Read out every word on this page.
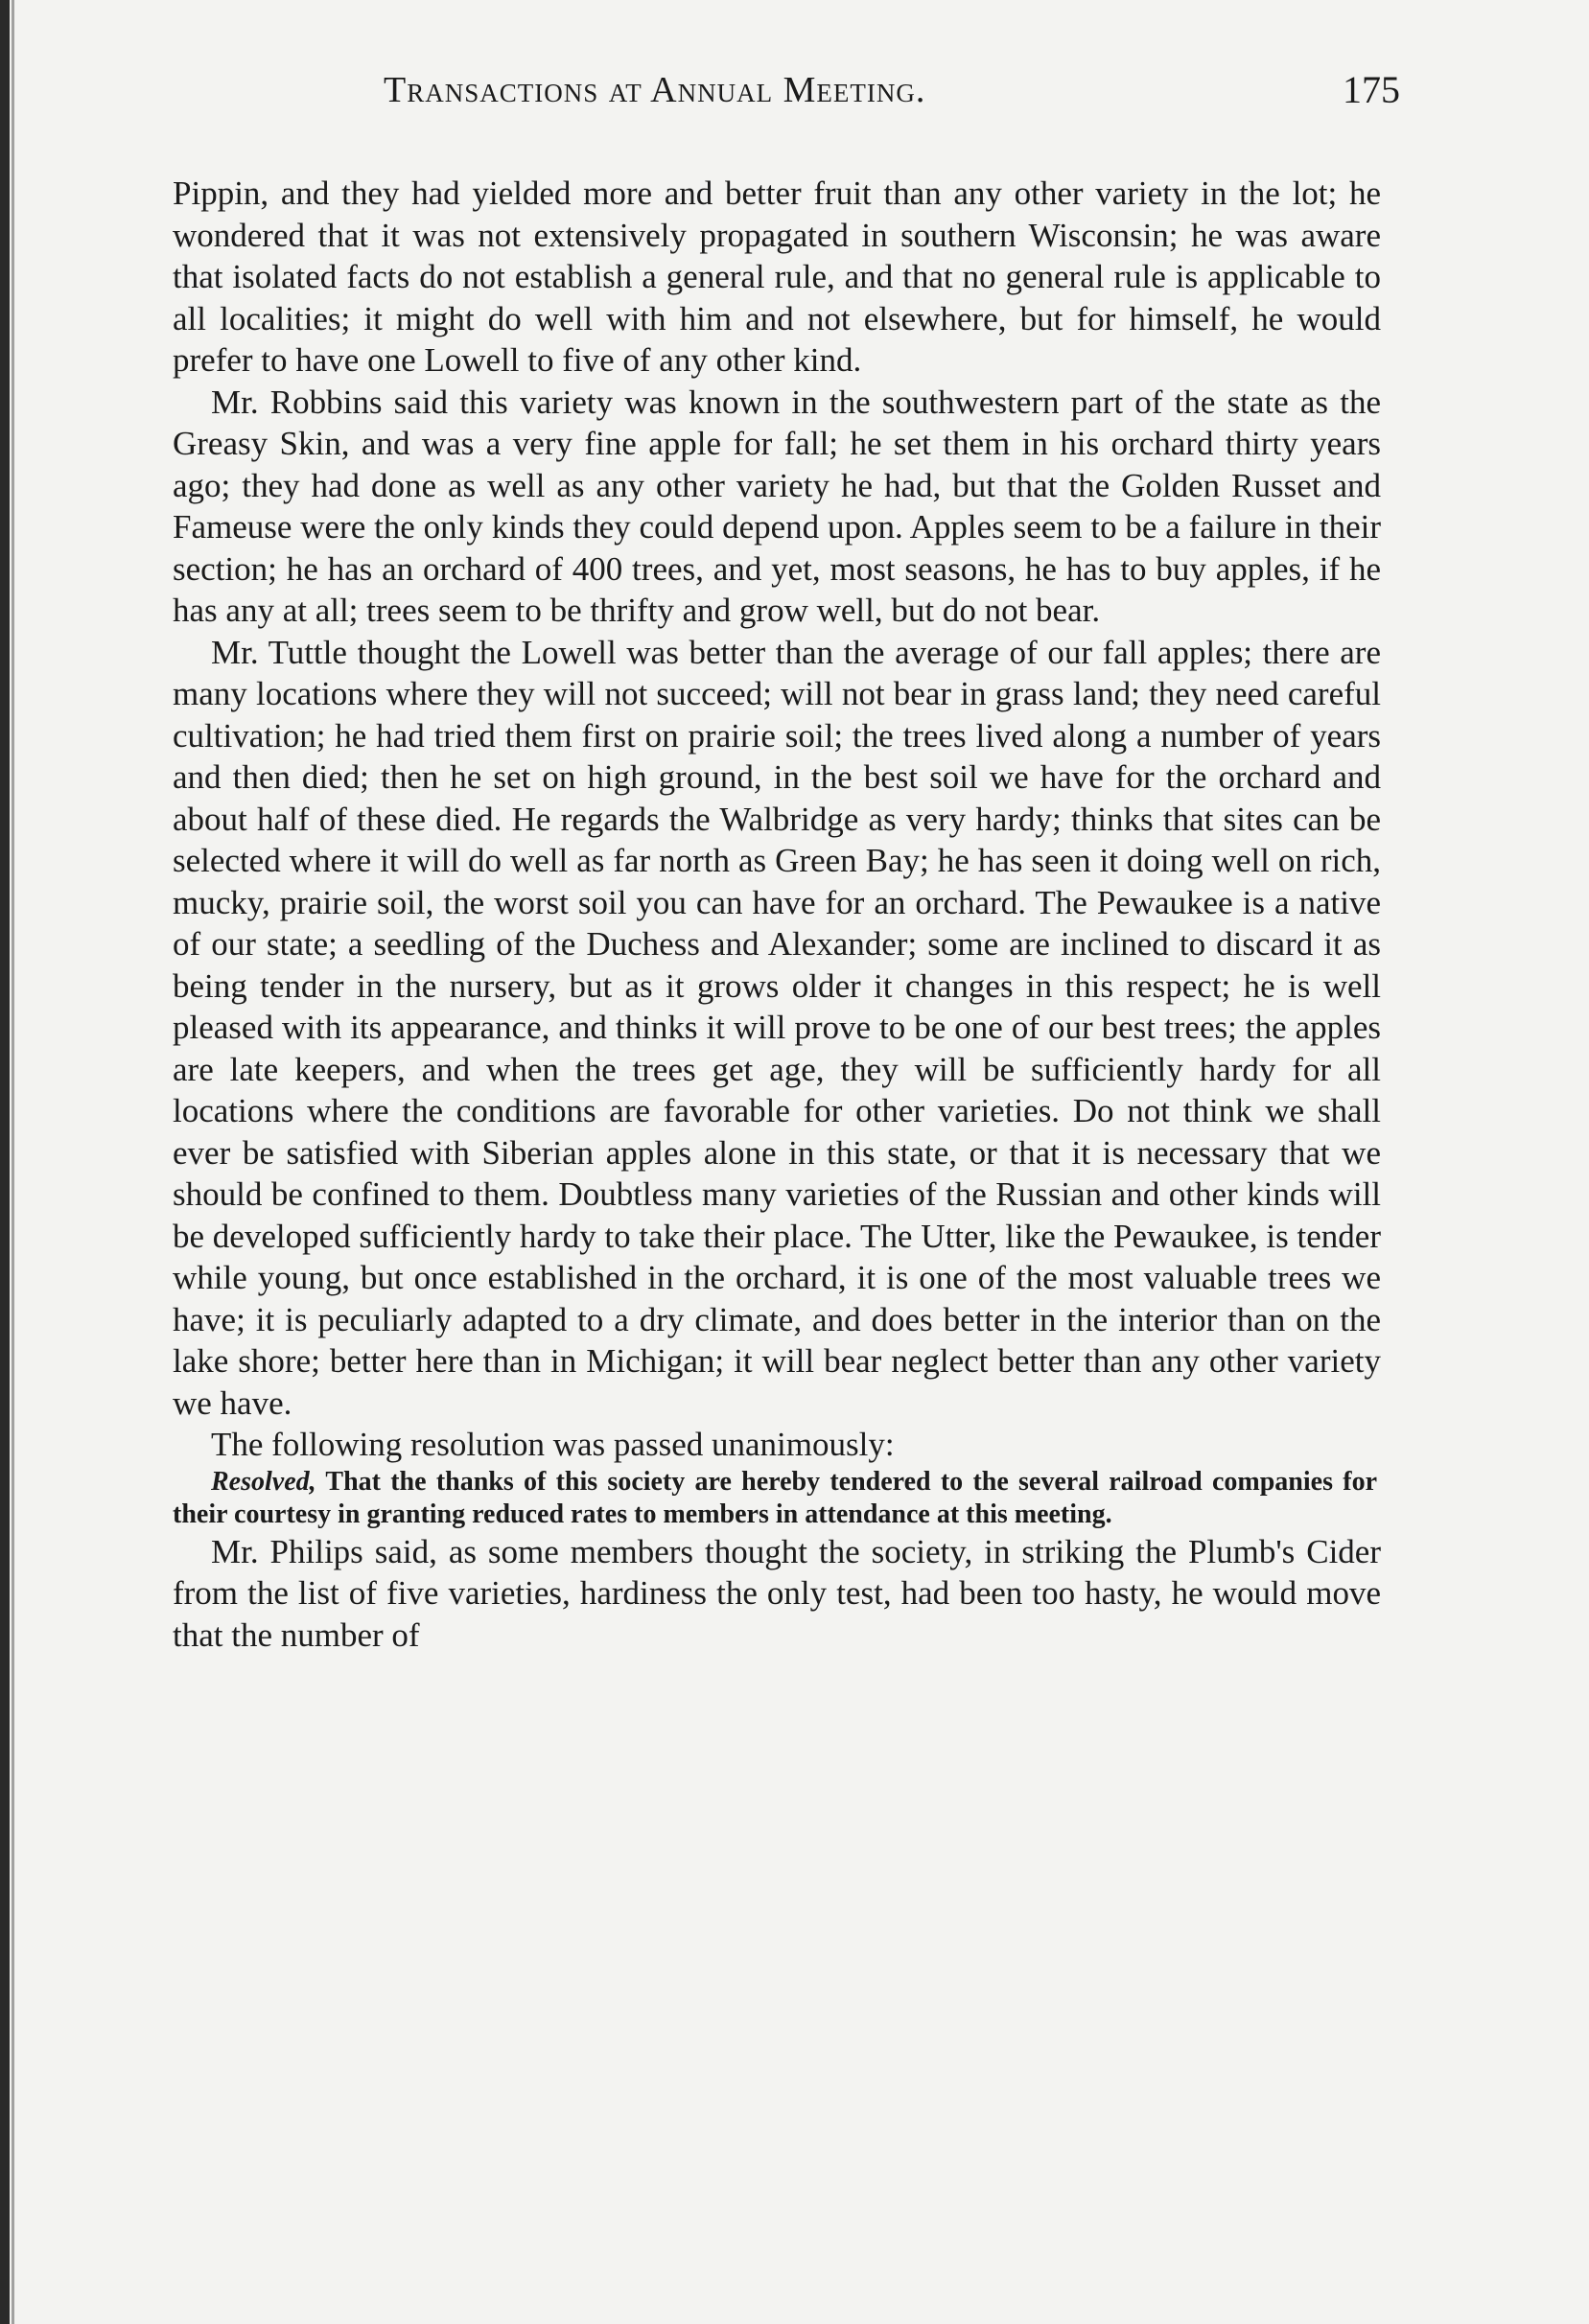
Transactions at Annual Meeting.	175

Pippin, and they had yielded more and better fruit than any other variety in the lot; he wondered that it was not extensively propagated in southern Wisconsin; he was aware that isolated facts do not establish a general rule, and that no general rule is applicable to all localities; it might do well with him and not elsewhere, but for himself, he would prefer to have one Lowell to five of any other kind.

Mr. Robbins said this variety was known in the southwestern part of the state as the Greasy Skin, and was a very fine apple for fall; he set them in his orchard thirty years ago; they had done as well as any other variety he had, but that the Golden Russet and Fameuse were the only kinds they could depend upon. Apples seem to be a failure in their section; he has an orchard of 400 trees, and yet, most seasons, he has to buy apples, if he has any at all; trees seem to be thrifty and grow well, but do not bear.

Mr. Tuttle thought the Lowell was better than the average of our fall apples; there are many locations where they will not succeed; will not bear in grass land; they need careful cultivation; he had tried them first on prairie soil; the trees lived along a number of years and then died; then he set on high ground, in the best soil we have for the orchard and about half of these died. He regards the Walbridge as very hardy; thinks that sites can be selected where it will do well as far north as Green Bay; he has seen it doing well on rich, mucky, prairie soil, the worst soil you can have for an orchard. The Pewaukee is a native of our state; a seedling of the Duchess and Alexander; some are inclined to discard it as being tender in the nursery, but as it grows older it changes in this respect; he is well pleased with its appearance, and thinks it will prove to be one of our best trees; the apples are late keepers, and when the trees get age, they will be sufficiently hardy for all locations where the conditions are favorable for other varieties. Do not think we shall ever be satisfied with Siberian apples alone in this state, or that it is necessary that we should be confined to them. Doubtless many varieties of the Russian and other kinds will be developed sufficiently hardy to take their place. The Utter, like the Pewaukee, is tender while young, but once established in the orchard, it is one of the most valuable trees we have; it is peculiarly adapted to a dry climate, and does better in the interior than on the lake shore; better here than in Michigan; it will bear neglect better than any other variety we have.

The following resolution was passed unanimously:

Resolved, That the thanks of this society are hereby tendered to the several railroad companies for their courtesy in granting reduced rates to members in attendance at this meeting.

Mr. Philips said, as some members thought the society, in striking the Plumb's Cider from the list of five varieties, hardiness the only test, had been too hasty, he would move that the number of
